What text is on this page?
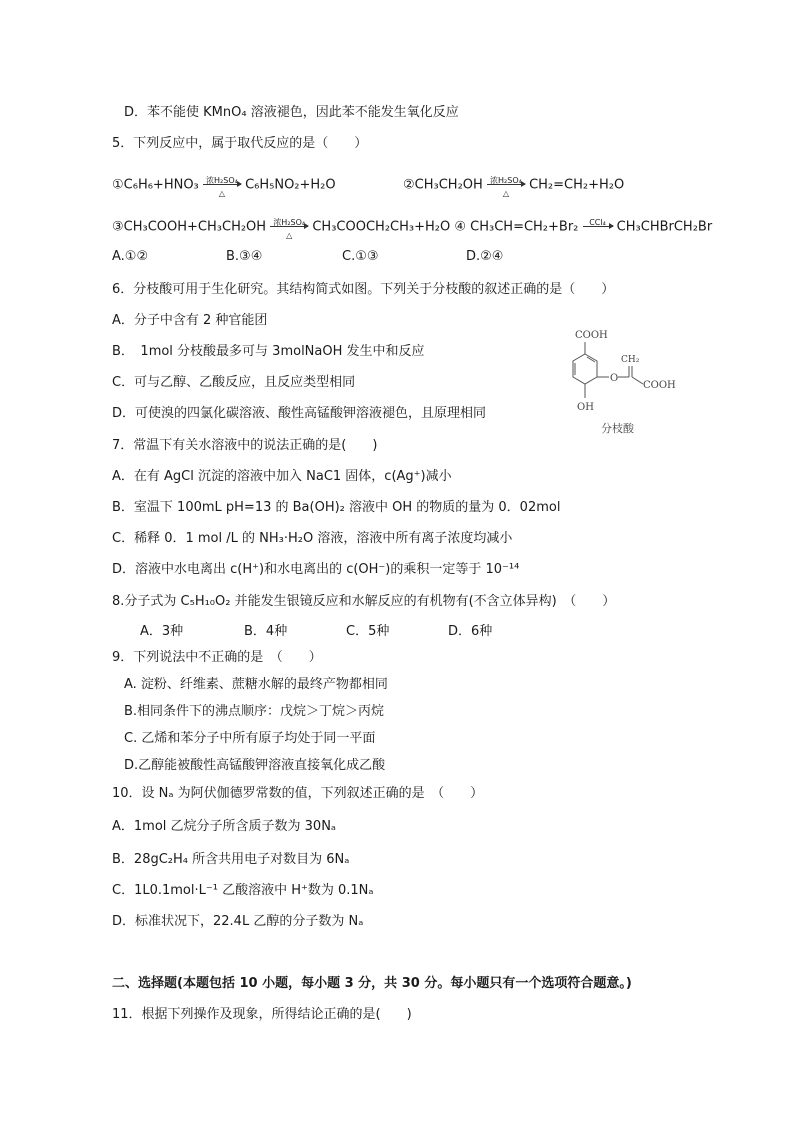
D．苯不能使 KMnO₄ 溶液褪色，因此苯不能发生氧化反应
5．下列反应中，属于取代反应的是（　　）
①C₆H₆+HNO₃ 浓H₂SO₄
△
C₆H₅NO₂+H₂O	②CH₃CH₂OH 浓H₂SO₄
△
CH₂=CH₂+H₂O
③CH₃COOH+CH₃CH₂OH 浓H₂SO₄
△
CH₃COOCH₂CH₃+H₂O ④ CH₃CH=CH₂+Br₂	CCl₄ CH₃CHBrCH₂Br
A.①②	B.③④	C.①③	D.②④
6．分枝酸可用于生化研究。其结构简式如图。下列关于分枝酸的叙述正确的是（　　）
A．分子中含有 2 种官能团
B．　1mol 分枝酸最多可与 3molNaOH 发生中和反应
C．可与乙醇、乙酸反应，且反应类型相同
D．可使溴的四氯化碳溶液、酸性高锰酸钾溶液褪色，且原理相同
COOH
O
CH₂
COOH
OH
分枝酸
7．常温下有关水溶液中的说法正确的是(　　)
A．在有 AgCl 沉淀的溶液中加入 NaC1 固体，c(Ag⁺)减小
B．室温下 100mL pH=13 的 Ba(OH)₂ 溶液中 OH 的物质的量为 0．02mol
C．稀释 0．1 mol /L 的 NH₃·H₂O 溶液，溶液中所有离子浓度均减小
D．溶液中水电离出 c(H⁺)和水电离出的 c(OH⁻)的乘积一定等于 10⁻¹⁴
8.分子式为 C₅H₁₀O₂ 并能发生银镜反应和水解反应的有机物有(不含立体异构)　（　　）
A．3种	B．4种	C．5种	D．6种
9．下列说法中不正确的是　（　　）
A. 淀粉、纤维素、蔗糖水解的最终产物都相同
B.相同条件下的沸点顺序：戊烷＞丁烷＞丙烷
C. 乙烯和苯分子中所有原子均处于同一平面
D.乙醇能被酸性高锰酸钾溶液直接氧化成乙酸
10．设 Nₐ 为阿伏伽德罗常数的值，下列叙述正确的是　（　　）
A．1mol 乙烷分子所含质子数为 30Nₐ
B．28gC₂H₄ 所含共用电子对数目为 6Nₐ
C．1L0.1mol·L⁻¹ 乙酸溶液中 H⁺数为 0.1Nₐ
D．标准状况下，22.4L 乙醇的分子数为 Nₐ
二、选择题(本题包括 10 小题，每小题 3 分，共 30 分。每小题只有一个选项符合题意。)
11．根据下列操作及现象，所得结论正确的是(　　)
